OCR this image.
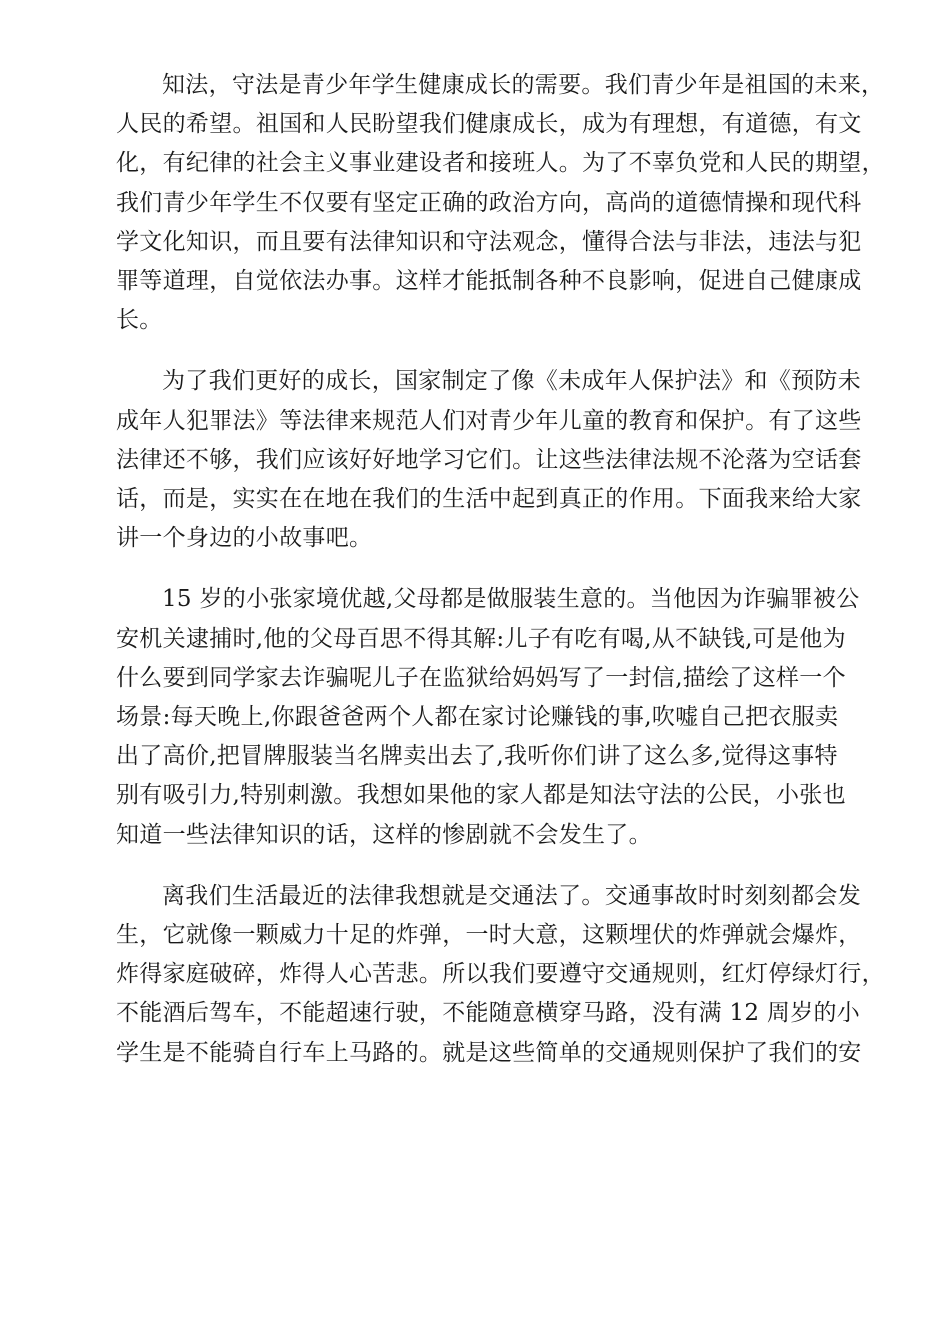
知法，守法是青少年学生健康成长的需要。我们青少年是祖国的未来，
人民的希望。祖国和人民盼望我们健康成长，成为有理想，有道德，有文
化，有纪律的社会主义事业建设者和接班人。为了不辜负党和人民的期望，
我们青少年学生不仅要有坚定正确的政治方向，高尚的道德情操和现代科
学文化知识，而且要有法律知识和守法观念，懂得合法与非法，违法与犯
罪等道理，自觉依法办事。这样才能抵制各种不良影响，促进自己健康成
长。

为了我们更好的成长，国家制定了像《未成年人保护法》和《预防未
成年人犯罪法》等法律来规范人们对青少年儿童的教育和保护。有了这些
法律还不够，我们应该好好地学习它们。让这些法律法规不沦落为空话套
话，而是，实实在在地在我们的生活中起到真正的作用。下面我来给大家
讲一个身边的小故事吧。

15 岁的小张家境优越,父母都是做服装生意的。当他因为诈骗罪被公
安机关逮捕时,他的父母百思不得其解:儿子有吃有喝,从不缺钱,可是他为
什么要到同学家去诈骗呢儿子在监狱给妈妈写了一封信,描绘了这样一个
场景:每天晚上,你跟爸爸两个人都在家讨论赚钱的事,吹嘘自己把衣服卖
出了高价,把冒牌服装当名牌卖出去了,我听你们讲了这么多,觉得这事特
别有吸引力,特别刺激。我想如果他的家人都是知法守法的公民，小张也
知道一些法律知识的话，这样的惨剧就不会发生了。

离我们生活最近的法律我想就是交通法了。交通事故时时刻刻都会发
生，它就像一颗威力十足的炸弹，一时大意，这颗埋伏的炸弹就会爆炸，
炸得家庭破碎，炸得人心苦悲。所以我们要遵守交通规则，红灯停绿灯行，
不能酒后驾车，不能超速行驶，不能随意横穿马路，没有满 12 周岁的小
学生是不能骑自行车上马路的。就是这些简单的交通规则保护了我们的安
